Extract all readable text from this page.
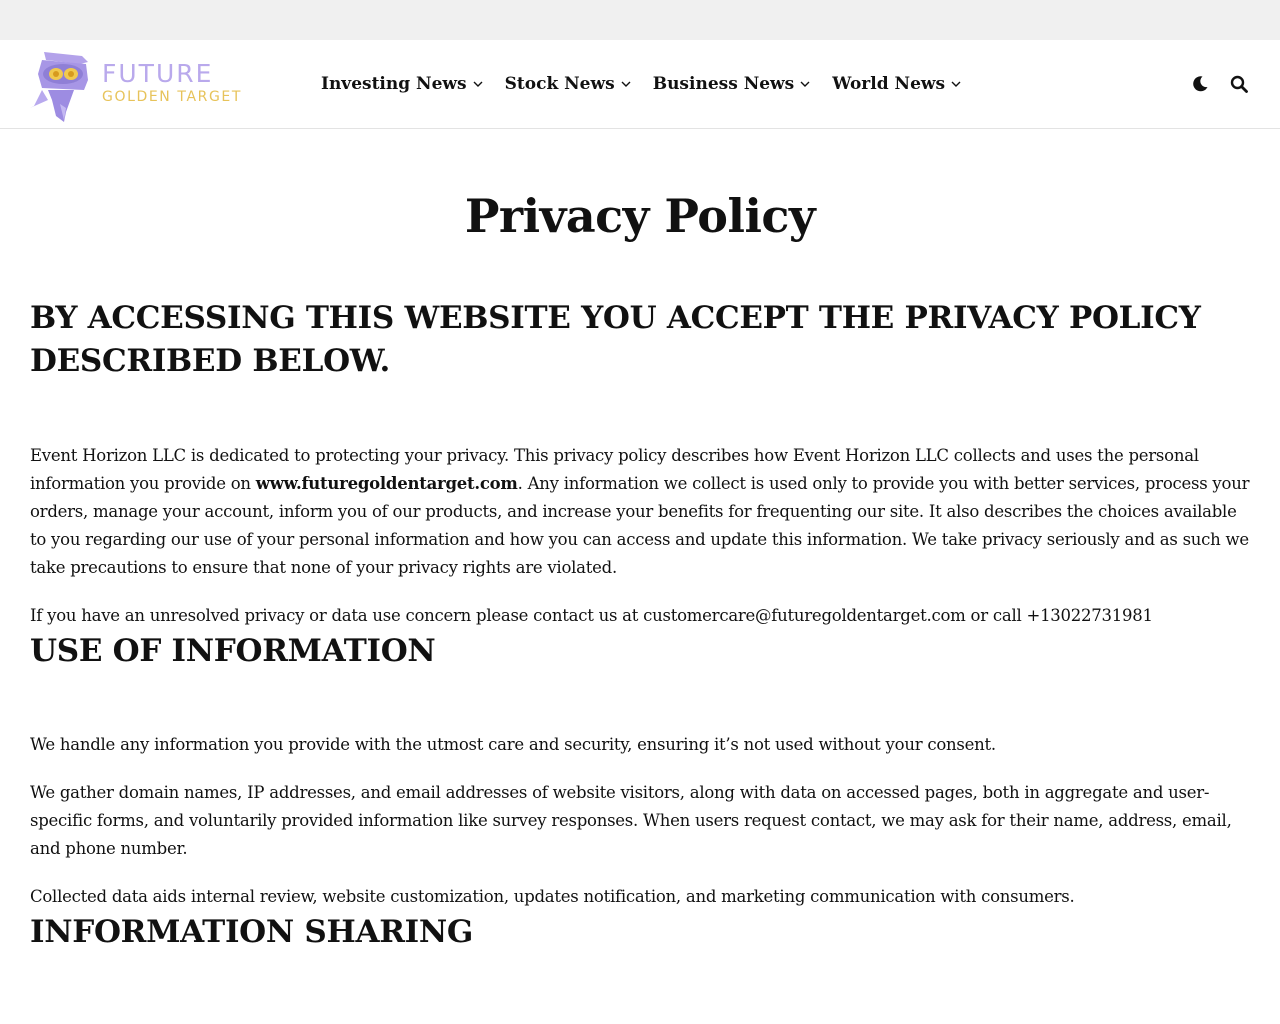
FUTURE
GOLDEN TARGET
Investing News Stock News Business News World News
Privacy Policy
BY ACCESSING THIS WEBSITE YOU ACCEPT THE PRIVACY POLICY DESCRIBED BELOW.

Event Horizon LLC is dedicated to protecting your privacy. This privacy policy describes how Event Horizon LLC collects and uses the personal information you provide on www.futuregoldentarget.com. Any information we collect is used only to provide you with better services, process your orders, manage your account, inform you of our products, and increase your benefits for frequenting our site. It also describes the choices available to you regarding our use of your personal information and how you can access and update this information. We take privacy seriously and as such we take precautions to ensure that none of your privacy rights are violated.

If you have an unresolved privacy or data use concern please contact us at customercare@futuregoldentarget.com or call +13022731981

USE OF INFORMATION

We handle any information you provide with the utmost care and security, ensuring it’s not used without your consent.

We gather domain names, IP addresses, and email addresses of website visitors, along with data on accessed pages, both in aggregate and user-specific forms, and voluntarily provided information like survey responses. When users request contact, we may ask for their name, address, email, and phone number.

Collected data aids internal review, website customization, updates notification, and marketing communication with consumers.

INFORMATION SHARING
